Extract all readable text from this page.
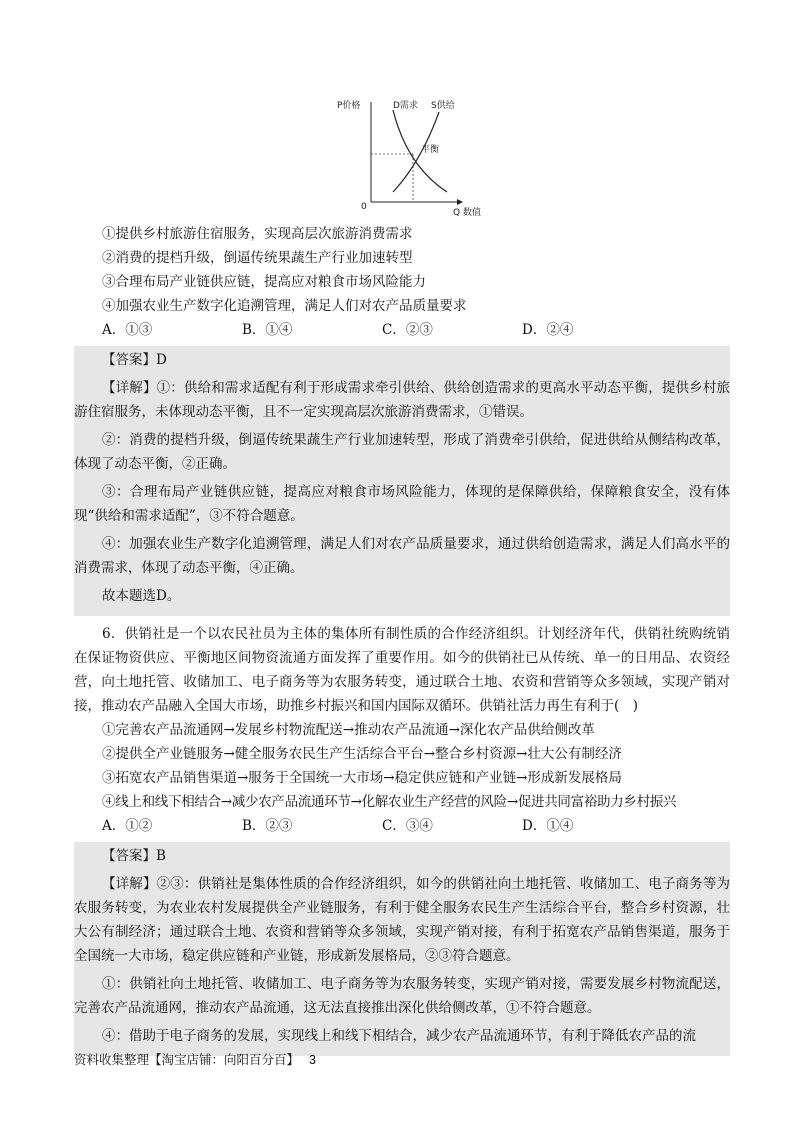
P价格	D需求 S供给
平衡
0
Q 数值
①提供乡村旅游住宿服务，实现高层次旅游消费需求
②消费的提档升级，倒逼传统果蔬生产行业加速转型
③合理布局产业链供应链，提高应对粮食市场风险能力
④加强农业生产数字化追溯管理，满足人们对农产品质量要求
A．①③	B．①④	C．②③	D．②④
【答案】D
【详解】①：供给和需求适配有利于形成需求牵引供给、供给创造需求的更高水平动态平衡，提供乡村旅游住宿服务，未体现动态平衡，且不一定实现高层次旅游消费需求，①错误。
②：消费的提档升级，倒逼传统果蔬生产行业加速转型，形成了消费牵引供给，促进供给从侧结构改革，体现了动态平衡，②正确。
③：合理布局产业链供应链，提高应对粮食市场风险能力，体现的是保障供给，保障粮食安全，没有体现“供给和需求适配”，③不符合题意。
④：加强农业生产数字化追溯管理，满足人们对农产品质量要求，通过供给创造需求，满足人们高水平的消费需求，体现了动态平衡，④正确。
故本题选D。
6．供销社是一个以农民社员为主体的集体所有制性质的合作经济组织。计划经济年代，供销社统购统销在保证物资供应、平衡地区间物资流通方面发挥了重要作用。如今的供销社已从传统、单一的日用品、农资经营，向土地托管、收储加工、电子商务等为农服务转变，通过联合土地、农资和营销等众多领域，实现产销对接，推动农产品融入全国大市场，助推乡村振兴和国内国际双循环。供销社活力再生有利于(　)
①完善农产品流通网→发展乡村物流配送→推动农产品流通→深化农产品供给侧改革
②提供全产业链服务→健全服务农民生产生活综合平台→整合乡村资源→壮大公有制经济
③拓宽农产品销售渠道→服务于全国统一大市场→稳定供应链和产业链→形成新发展格局
④线上和线下相结合→减少农产品流通环节→化解农业生产经营的风险→促进共同富裕助力乡村振兴
A．①②	B．②③	C．③④	D．①④
【答案】B
【详解】②③：供销社是集体性质的合作经济组织，如今的供销社向土地托管、收储加工、电子商务等为农服务转变，为农业农村发展提供全产业链服务，有利于健全服务农民生产生活综合平台，整合乡村资源，壮大公有制经济；通过联合土地、农资和营销等众多领域，实现产销对接，有利于拓宽农产品销售渠道，服务于全国统一大市场，稳定供应链和产业链，形成新发展格局，②③符合题意。
①：供销社向土地托管、收储加工、电子商务等为农服务转变，实现产销对接，需要发展乡村物流配送，完善农产品流通网，推动农产品流通，这无法直接推出深化供给侧改革，①不符合题意。
④：借助于电子商务的发展，实现线上和线下相结合，减少农产品流通环节，有利于降低农产品的流
资料收集整理【淘宝店铺：向阳百分百】 3
